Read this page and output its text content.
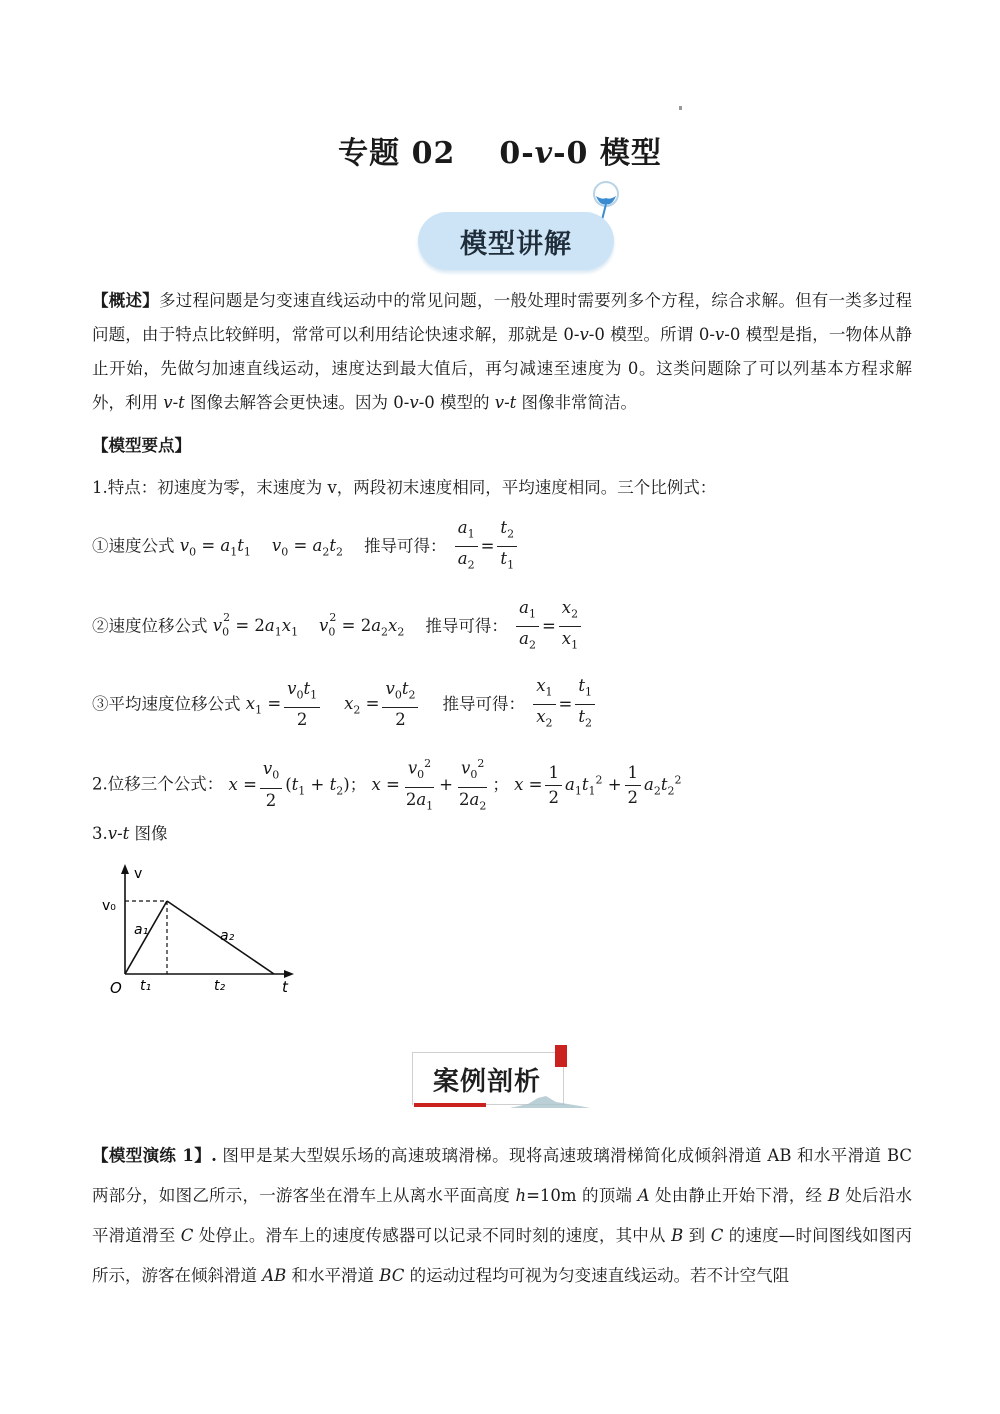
专题 02 0-v-0 模型
模型讲解
【概述】多过程问题是匀变速直线运动中的常见问题，一般处理时需要列多个方程，综合求解。但有一类多过程问题，由于特点比较鲜明，常常可以利用结论快速求解，那就是 0-v-0 模型。所谓 0-v-0 模型是指，一物体从静止开始，先做匀加速直线运动，速度达到最大值后，再匀减速至速度为 0。这类问题除了可以列基本方程求解外，利用 v-t 图像去解答会更快速。因为 0-v-0 模型的 v-t 图像非常简洁。
【模型要点】
1.特点：初速度为零，末速度为 v，两段初末速度相同，平均速度相同。三个比例式：
①速度公式 $v_0 = a_1t_1$    $v_0 = a_2t_2$ 推导可得： $\frac{a_1}{a_2} = \frac{t_2}{t_1}$
②速度位移公式 $v_0^2 = 2a_1x_1$    $v_0^2 = 2a_2x_2$ 推导可得： $\frac{a_1}{a_2} = \frac{x_2}{x_1}$
③平均速度位移公式 $x_1 = \frac{v_0t_1}{2} x_2 = \frac{v_0t_2}{2}$ 推导可得： $\frac{x_1}{x_2} = \frac{t_1}{t_2}$
2.位移三个公式： $x = \frac{v_0}{2} (t_1 + t_2)$； $x = \frac{v_0^2}{2a_1} + \frac{v_0^2}{2a_2}$ ； $x = \frac{1}{2} a_1t_1^2 + \frac{1}{2} a_2t_2^2$
3.v-t 图像
v
v₀
a₁	a₂
O t₁	t₂	t
案例剖析
【模型演练 1】. 图甲是某大型娱乐场的高速玻璃滑梯。现将高速玻璃滑梯简化成倾斜滑道 AB 和水平滑道 BC 两部分，如图乙所示，一游客坐在滑车上从离水平面高度 h=10m 的顶端 A 处由静止开始下滑，经 B 处后沿水平滑道滑至 C 处停止。滑车上的速度传感器可以记录不同时刻的速度，其中从 B 到 C 的速度—时间图线如图丙所示，游客在倾斜滑道 AB 和水平滑道 BC 的运动过程均可视为匀变速直线运动。若不计空气阻
